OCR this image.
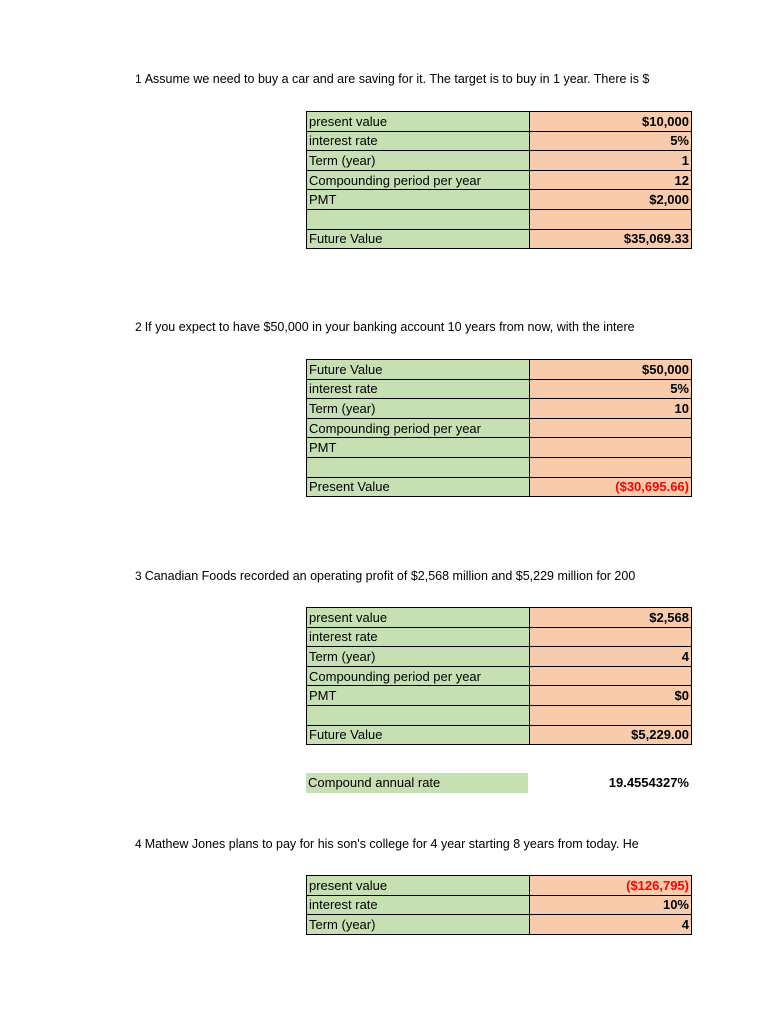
1 Assume we need to buy a car and are saving for it. The target is to buy in 1 year. There is $
present value	$10,000
interest rate	5%
Term (year)	1
Compounding period per year	12
PMT	$2,000

Future Value	$35,069.33
2 If you expect to have $50,000 in your banking account 10 years from now, with the intere
Future Value	$50,000
interest rate	5%
Term (year)	10
Compounding period per year	
PMT	

Present Value	($30,695.66)
3 Canadian Foods recorded an operating profit of $2,568 million and $5,229 million for 200
present value	$2,568
interest rate	
Term (year)	4
Compounding period per year	
PMT	$0

Future Value	$5,229.00
Compound annual rate	19.4554327%
4 Mathew Jones plans to pay for his son's college for 4 year starting 8 years from today. He
present value	($126,795)
interest rate	10%
Term (year)	4
